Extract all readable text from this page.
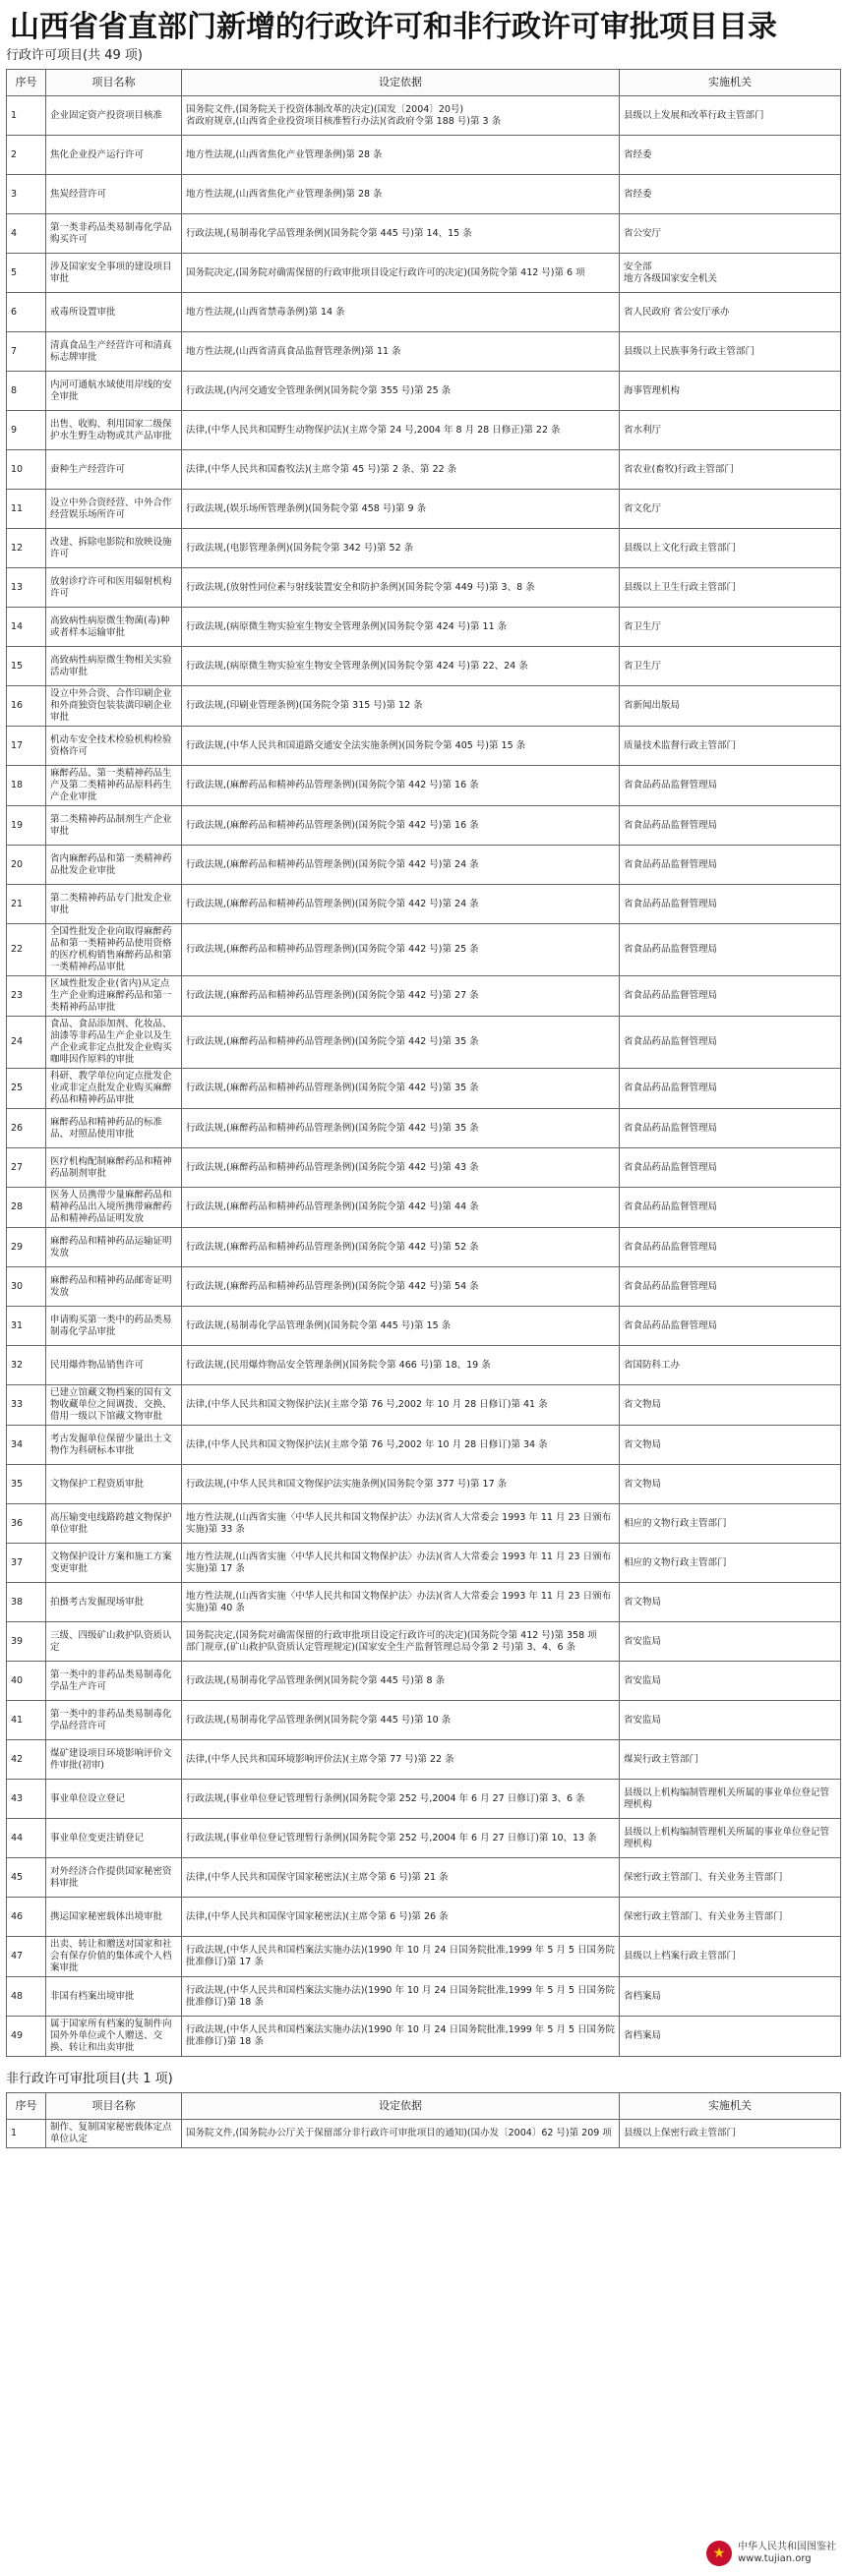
山西省省直部门新增的行政许可和非行政许可审批项目目录
行政许可项目(共 49 项)
序号	项目名称	设定依据	实施机关
1	企业固定资产投资项目核准	国务院文件,(国务院关于投资体制改革的决定)(国发〔2004〕20号)
省政府规章,(山西省企业投资项目核准暂行办法)(省政府令第 188 号)第 3 条	县级以上发展和改革行政主管部门
2	焦化企业投产运行许可	地方性法规,(山西省焦化产业管理条例)第 28 条	省经委
3	焦炭经营许可	地方性法规,(山西省焦化产业管理条例)第 28 条	省经委
4	第一类非药品类易制毒化学品购买许可	行政法规,(易制毒化学品管理条例)(国务院令第 445 号)第 14、15 条	省公安厅
5	涉及国家安全事项的建设项目审批	国务院决定,(国务院对确需保留的行政审批项目设定行政许可的决定)(国务院令第 412 号)第 6 项	安全部
地方各级国家安全机关
6	戒毒所设置审批	地方性法规,(山西省禁毒条例)第 14 条	省人民政府 省公安厅承办
7	清真食品生产经营许可和清真标志牌审批	地方性法规,(山西省清真食品监督管理条例)第 11 条	县级以上民族事务行政主管部门
8	内河可通航水域使用岸线的安全审批	行政法规,(内河交通安全管理条例)(国务院令第 355 号)第 25 条	海事管理机构
9	出售、收购、利用国家二级保护水生野生动物或其产品审批	法律,(中华人民共和国野生动物保护法)(主席令第 24 号,2004 年 8 月 28 日修正)第 22 条	省水利厅
10	蚕种生产经营许可	法律,(中华人民共和国畜牧法)(主席令第 45 号)第 2 条、第 22 条	省农业(畜牧)行政主管部门
11	设立中外合资经营、中外合作经营娱乐场所许可	行政法规,(娱乐场所管理条例)(国务院令第 458 号)第 9 条	省文化厅
12	改建、拆除电影院和放映设施许可	行政法规,(电影管理条例)(国务院令第 342 号)第 52 条	县级以上文化行政主管部门
13	放射诊疗许可和医用辐射机构许可	行政法规,(放射性同位素与射线装置安全和防护条例)(国务院令第 449 号)第 3、8 条	县级以上卫生行政主管部门
14	高致病性病原微生物菌(毒)种或者样本运输审批	行政法规,(病原微生物实验室生物安全管理条例)(国务院令第 424 号)第 11 条	省卫生厅
15	高致病性病原微生物相关实验活动审批	行政法规,(病原微生物实验室生物安全管理条例)(国务院令第 424 号)第 22、24 条	省卫生厅
16	设立中外合资、合作印刷企业和外商独资包装装潢印刷企业审批	行政法规,(印刷业管理条例)(国务院令第 315 号)第 12 条	省新闻出版局
17	机动车安全技术检验机构检验资格许可	行政法规,(中华人民共和国道路交通安全法实施条例)(国务院令第 405 号)第 15 条	质量技术监督行政主管部门
18	麻醉药品、第一类精神药品生产及第二类精神药品原料药生产企业审批	行政法规,(麻醉药品和精神药品管理条例)(国务院令第 442 号)第 16 条	省食品药品监督管理局
19	第二类精神药品制剂生产企业审批	行政法规,(麻醉药品和精神药品管理条例)(国务院令第 442 号)第 16 条	省食品药品监督管理局
20	省内麻醉药品和第一类精神药品批发企业审批	行政法规,(麻醉药品和精神药品管理条例)(国务院令第 442 号)第 24 条	省食品药品监督管理局
21	第二类精神药品专门批发企业审批	行政法规,(麻醉药品和精神药品管理条例)(国务院令第 442 号)第 24 条	省食品药品监督管理局
22	全国性批发企业向取得麻醉药品和第一类精神药品使用资格的医疗机构销售麻醉药品和第一类精神药品审批	行政法规,(麻醉药品和精神药品管理条例)(国务院令第 442 号)第 25 条	省食品药品监督管理局
23	区域性批发企业(省内)从定点生产企业购进麻醉药品和第一类精神药品审批	行政法规,(麻醉药品和精神药品管理条例)(国务院令第 442 号)第 27 条	省食品药品监督管理局
24	食品、食品添加剂、化妆品、油漆等非药品生产企业以及生产企业或非定点批发企业购买咖啡因作原料的审批	行政法规,(麻醉药品和精神药品管理条例)(国务院令第 442 号)第 35 条	省食品药品监督管理局
25	科研、教学单位向定点批发企业或非定点批发企业购买麻醉药品和精神药品审批	行政法规,(麻醉药品和精神药品管理条例)(国务院令第 442 号)第 35 条	省食品药品监督管理局
26	麻醉药品和精神药品的标准品、对照品使用审批	行政法规,(麻醉药品和精神药品管理条例)(国务院令第 442 号)第 35 条	省食品药品监督管理局
27	医疗机构配制麻醉药品和精神药品制剂审批	行政法规,(麻醉药品和精神药品管理条例)(国务院令第 442 号)第 43 条	省食品药品监督管理局
28	医务人员携带少量麻醉药品和精神药品出入境所携带麻醉药品和精神药品证明发放	行政法规,(麻醉药品和精神药品管理条例)(国务院令第 442 号)第 44 条	省食品药品监督管理局
29	麻醉药品和精神药品运输证明发放	行政法规,(麻醉药品和精神药品管理条例)(国务院令第 442 号)第 52 条	省食品药品监督管理局
30	麻醉药品和精神药品邮寄证明发放	行政法规,(麻醉药品和精神药品管理条例)(国务院令第 442 号)第 54 条	省食品药品监督管理局
31	申请购买第一类中的药品类易制毒化学品审批	行政法规,(易制毒化学品管理条例)(国务院令第 445 号)第 15 条	省食品药品监督管理局
32	民用爆炸物品销售许可	行政法规,(民用爆炸物品安全管理条例)(国务院令第 466 号)第 18、19 条	省国防科工办
33	已建立馆藏文物档案的国有文物收藏单位之间调拨、交换、借用一级以下馆藏文物审批	法律,(中华人民共和国文物保护法)(主席令第 76 号,2002 年 10 月 28 日修订)第 41 条	省文物局
34	考古发掘单位保留少量出土文物作为科研标本审批	法律,(中华人民共和国文物保护法)(主席令第 76 号,2002 年 10 月 28 日修订)第 34 条	省文物局
35	文物保护工程资质审批	行政法规,(中华人民共和国文物保护法实施条例)(国务院令第 377 号)第 17 条	省文物局
36	高压输变电线路跨越文物保护单位审批	地方性法规,(山西省实施〈中华人民共和国文物保护法〉办法)(省人大常委会 1993 年 11 月 23 日颁布实施)第 33 条	相应的文物行政主管部门
37	文物保护设计方案和施工方案变更审批	地方性法规,(山西省实施〈中华人民共和国文物保护法〉办法)(省人大常委会 1993 年 11 月 23 日颁布实施)第 17 条	相应的文物行政主管部门
38	拍摄考古发掘现场审批	地方性法规,(山西省实施〈中华人民共和国文物保护法〉办法)(省人大常委会 1993 年 11 月 23 日颁布实施)第 40 条	省文物局
39	三级、四级矿山救护队资质认定	国务院决定,(国务院对确需保留的行政审批项目设定行政许可的决定)(国务院令第 412 号)第 358 项
部门规章,(矿山救护队资质认定管理规定)(国家安全生产监督管理总局令第 2 号)第 3、4、6 条	省安监局
40	第一类中的非药品类易制毒化学品生产许可	行政法规,(易制毒化学品管理条例)(国务院令第 445 号)第 8 条	省安监局
41	第一类中的非药品类易制毒化学品经营许可	行政法规,(易制毒化学品管理条例)(国务院令第 445 号)第 10 条	省安监局
42	煤矿建设项目环境影响评价文件审批(初审)	法律,(中华人民共和国环境影响评价法)(主席令第 77 号)第 22 条	煤炭行政主管部门
43	事业单位设立登记	行政法规,(事业单位登记管理暂行条例)(国务院令第 252 号,2004 年 6 月 27 日修订)第 3、6 条	县级以上机构编制管理机关所属的事业单位登记管理机构
44	事业单位变更注销登记	行政法规,(事业单位登记管理暂行条例)(国务院令第 252 号,2004 年 6 月 27 日修订)第 10、13 条	县级以上机构编制管理机关所属的事业单位登记管理机构
45	对外经济合作提供国家秘密资料审批	法律,(中华人民共和国保守国家秘密法)(主席令第 6 号)第 21 条	保密行政主管部门、有关业务主管部门
46	携运国家秘密载体出境审批	法律,(中华人民共和国保守国家秘密法)(主席令第 6 号)第 26 条	保密行政主管部门、有关业务主管部门
47	出卖、转让和赠送对国家和社会有保存价值的集体或个人档案审批	行政法规,(中华人民共和国档案法实施办法)(1990 年 10 月 24 日国务院批准,1999 年 5 月 5 日国务院批准修订)第 17 条	县级以上档案行政主管部门
48	非国有档案出境审批	行政法规,(中华人民共和国档案法实施办法)(1990 年 10 月 24 日国务院批准,1999 年 5 月 5 日国务院批准修订)第 18 条	省档案局
49	属于国家所有档案的复制件向国外外单位或个人赠送、交换、转让和出卖审批	行政法规,(中华人民共和国档案法实施办法)(1990 年 10 月 24 日国务院批准,1999 年 5 月 5 日国务院批准修订)第 18 条	省档案局
非行政许可审批项目(共 1 项)
序号	项目名称	设定依据	实施机关
1	制作、复制国家秘密载体定点单位认定	国务院文件,(国务院办公厅关于保留部分非行政许可审批项目的通知)(国办发〔2004〕62 号)第 209 项	县级以上保密行政主管部门
★	中华人民共和国图鉴社
www.tujian.org
